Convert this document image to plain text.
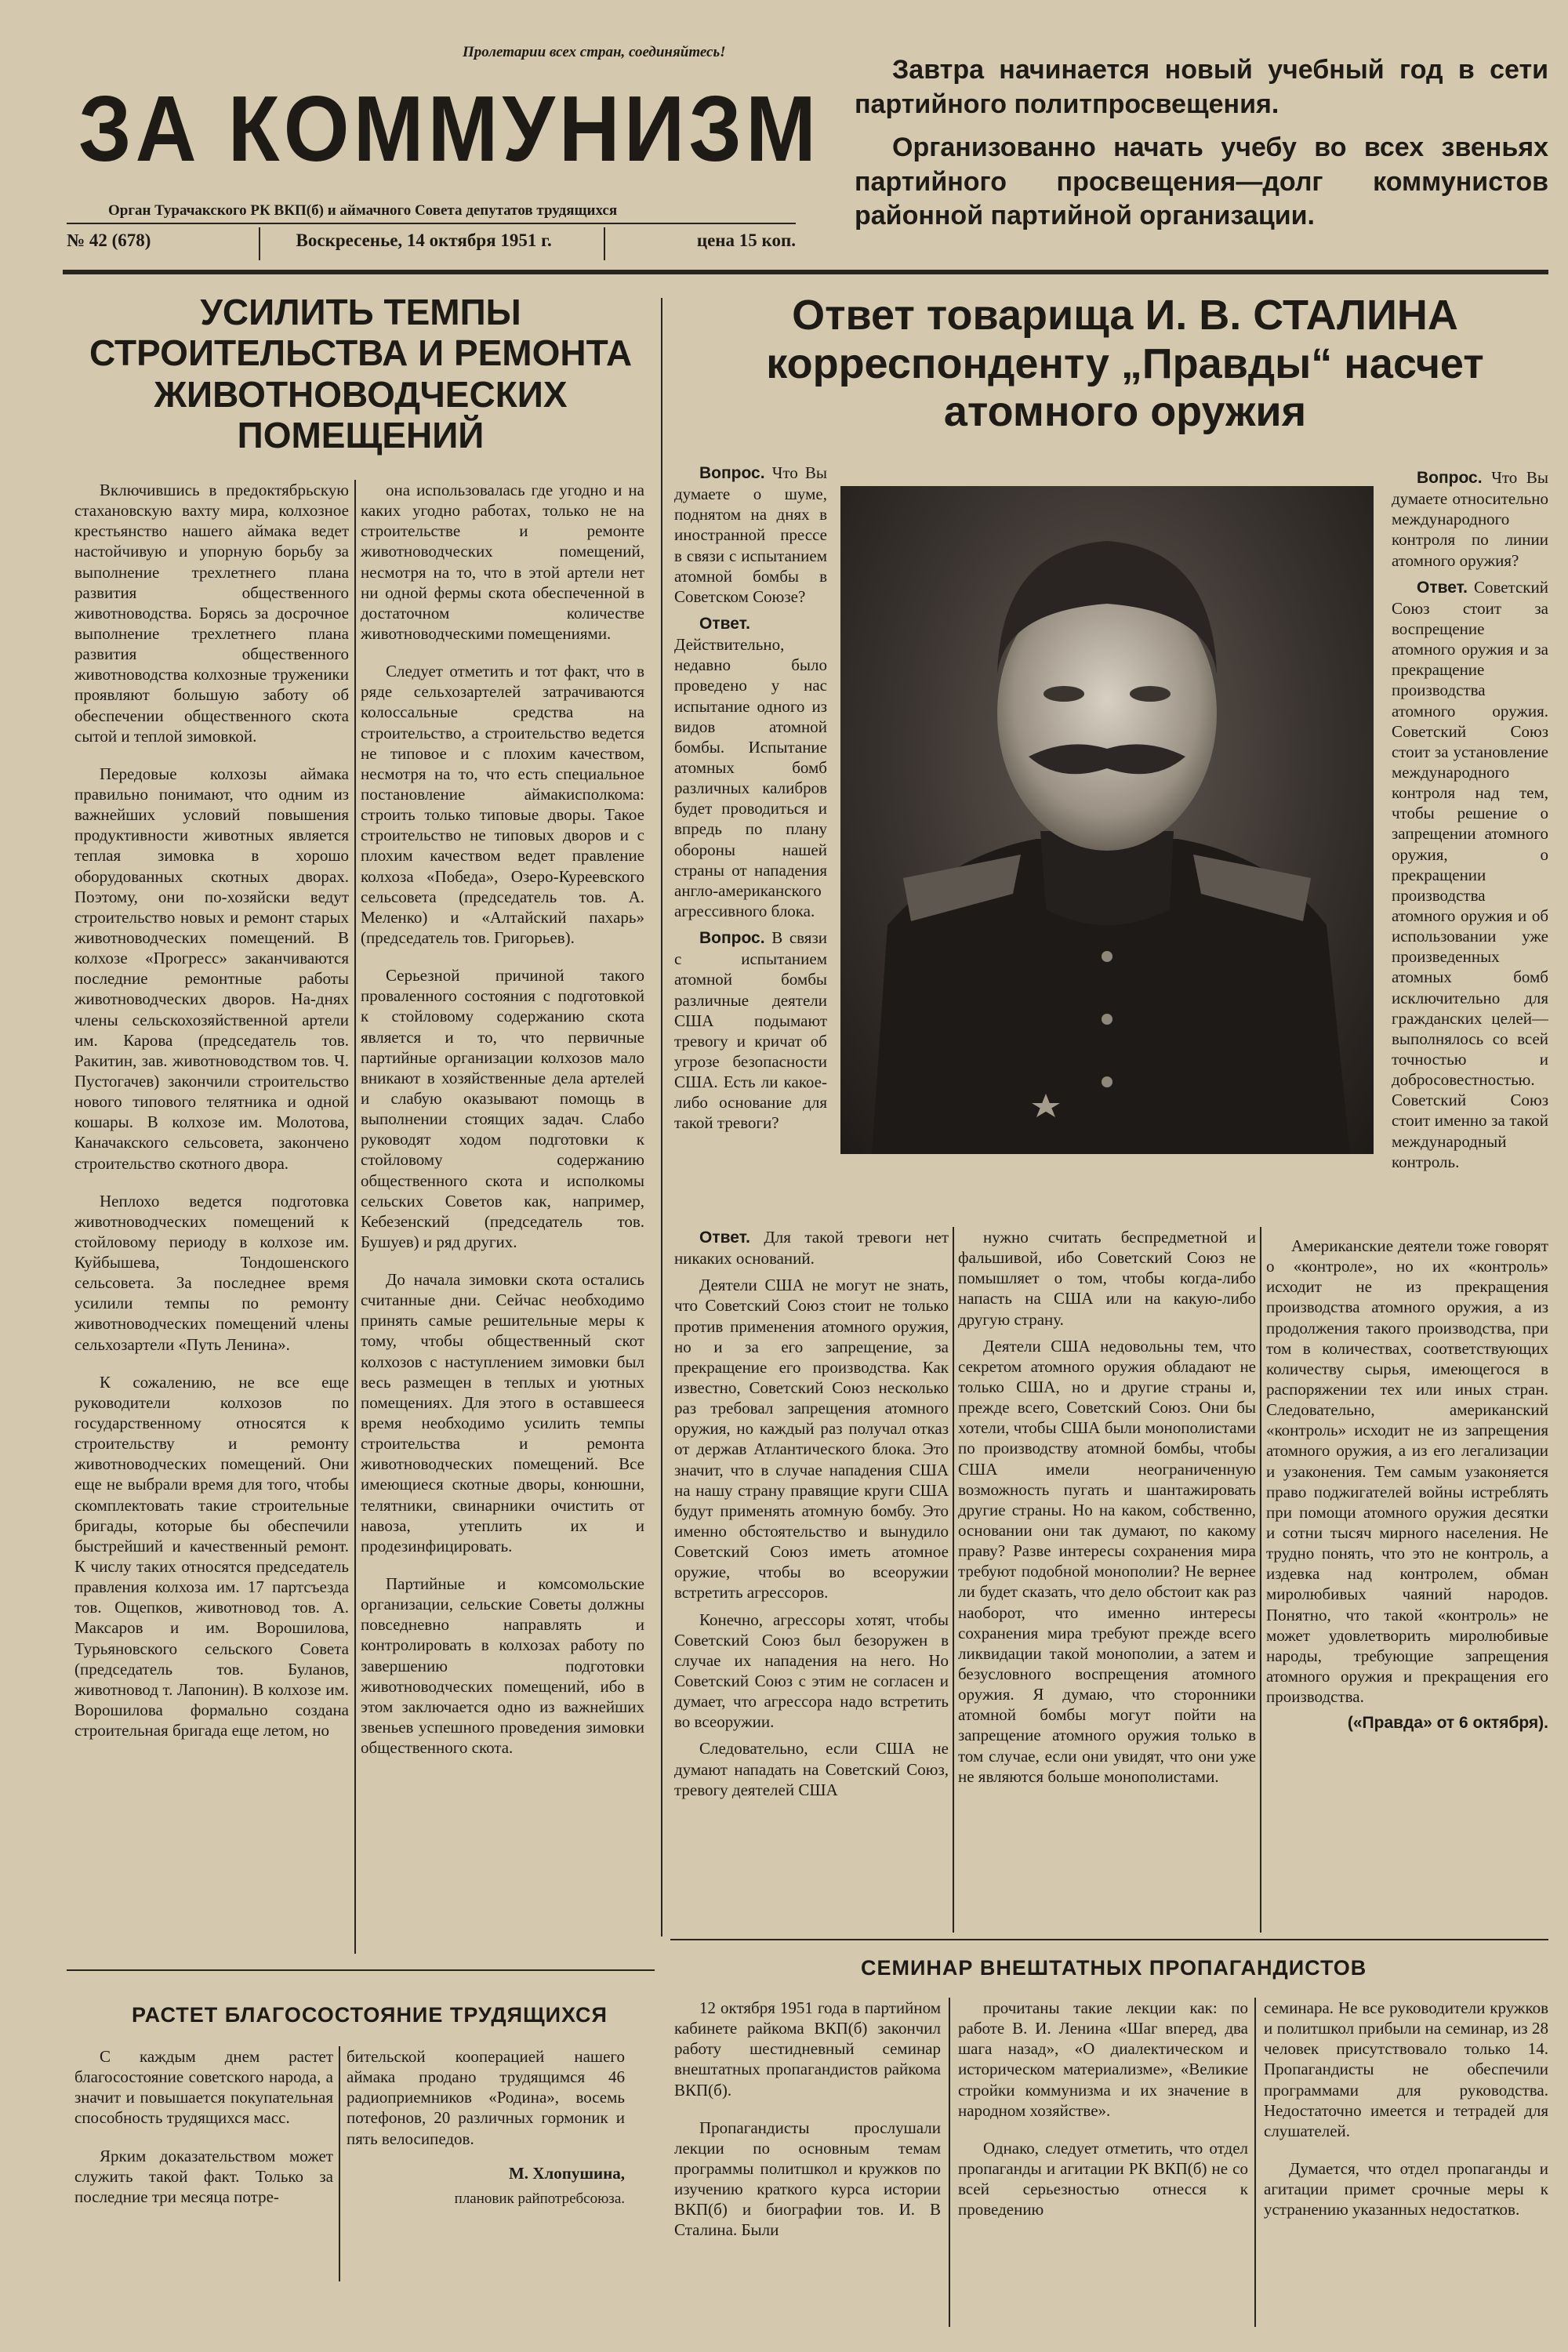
Пролетарии всех стран, соединяйтесь!
ЗА КОММУНИЗМ
Орган Турачакского РК ВКП(б) и аймачного Совета депутатов трудящихся
№ 42 (678)	Воскресенье, 14 октября 1951 г.	цена 15 коп.

Завтра начинается новый учебный год в сети партийного политпросвещения.

Организованно начать учебу во всех звеньях партийного просвещения—долг коммунистов районной партийной организации.

УСИЛИТЬ ТЕМПЫ СТРОИТЕЛЬСТВА И РЕМОНТА ЖИВОТНОВОДЧЕСКИХ ПОМЕЩЕНИЙ

Включившись в предоктябрьскую стахановскую вахту мира, колхозное крестьянство нашего аймака ведет настойчивую и упорную борьбу за выполнение трехлетнего плана развития общественного животноводства. Борясь за досрочное выполнение трехлетнего плана развития общественного животноводства колхозные труженики проявляют большую заботу об обеспечении общественного скота сытой и теплой зимовкой.

Передовые колхозы аймака правильно понимают, что одним из важнейших условий повышения продуктивности животных является теплая зимовка в хорошо оборудованных скотных дворах. Поэтому, они по-хозяйски ведут строительство новых и ремонт старых животноводческих помещений. В колхозе «Прогресс» заканчиваются последние ремонтные работы животноводческих дворов. На-днях члены сельскохозяйственной артели им. Карова (председатель тов. Ракитин, зав. животноводством тов. Ч. Пустогачев) закончили строительство нового типового телятника и одной кошары. В колхозе им. Молотова, Каначакского сельсовета, закончено строительство скотного двора.

Неплохо ведется подготовка животноводческих помещений к стойловому периоду в колхозе им. Куйбышева, Тондошенского сельсовета. За последнее время усилили темпы по ремонту животноводческих помещений члены сельхозартели «Путь Ленина».

К сожалению, не все еще руководители колхозов по государственному относятся к строительству и ремонту животноводческих помещений. Они еще не выбрали время для того, чтобы скомплектовать такие строительные бригады, которые бы обеспечили быстрейший и качественный ремонт. К числу таких относятся председатель правления колхоза им. 17 партсъезда тов. Ощепков, животновод тов. А. Максаров и им. Ворошилова, Турьяновского сельского Совета (председатель тов. Буланов, животновод т. Лапонин). В колхозе им. Ворошилова формально создана строительная бригада еще летом, но

она использовалась где угодно и на каких угодно работах, только не на строительстве и ремонте животноводческих помещений, несмотря на то, что в этой артели нет ни одной фермы скота обеспеченной в достаточном количестве животноводческими помещениями.

Следует отметить и тот факт, что в ряде сельхозартелей затрачиваются колоссальные средства на строительство, а строительство ведется не типовое и с плохим качеством, несмотря на то, что есть специальное постановление аймакисполкома: строить только типовые дворы. Такое строительство не типовых дворов и с плохим качеством ведет правление колхоза «Победа», Озеро-Куреевского сельсовета (председатель тов. А. Меленко) и «Алтайский пахарь» (председатель тов. Григорьев).

Серьезной причиной такого проваленного состояния с подготовкой к стойловому содержанию скота является и то, что первичные партийные организации колхозов мало вникают в хозяйственные дела артелей и слабую оказывают помощь в выполнении стоящих задач. Слабо руководят ходом подготовки к стойловому содержанию общественного скота и исполкомы сельских Советов как, например, Кебезенский (председатель тов. Бушуев) и ряд других.

До начала зимовки скота остались считанные дни. Сейчас необходимо принять самые решительные меры к тому, чтобы общественный скот колхозов с наступлением зимовки был весь размещен в теплых и уютных помещениях. Для этого в оставшееся время необходимо усилить темпы строительства и ремонта животноводческих помещений. Все имеющиеся скотные дворы, конюшни, телятники, свинарники очистить от навоза, утеплить их и продезинфицировать.

Партийные и комсомольские организации, сельские Советы должны повседневно направлять и контролировать в колхозах работу по завершению подготовки животноводческих помещений, ибо в этом заключается одно из важнейших звеньев успешного проведения зимовки общественного скота.

Ответ товарища И. В. СТАЛИНА корреспонденту „Правды“ насчет атомного оружия

Вопрос. Что Вы думаете о шуме, поднятом на днях в иностранной прессе в связи с испытанием атомной бомбы в Советском Союзе?

Ответ. Действительно, недавно было проведено у нас испытание одного из видов атомной бомбы. Испытание атомных бомб различных калибров будет проводиться и впредь по плану обороны нашей страны от нападения англо-американского агрессивного блока.

Вопрос. В связи с испытанием атомной бомбы различные деятели США подымают тревогу и кричат об угрозе безопасности США. Есть ли какое-либо основание для такой тревоги?

Вопрос. Что Вы думаете относительно международного контроля по линии атомного оружия?

Ответ. Советский Союз стоит за воспрещение атомного оружия и за прекращение производства атомного оружия. Советский Союз стоит за установление международного контроля над тем, чтобы решение о запрещении атомного оружия, о прекращении производства атомного оружия и об использовании уже произведенных атомных бомб исключительно для гражданских целей—выполнялось со всей точностью и добросовестностью. Советский Союз стоит именно за такой международный контроль.

Ответ. Для такой тревоги нет никаких оснований.

Деятели США не могут не знать, что Советский Союз стоит не только против применения атомного оружия, но и за его запрещение, за прекращение его производства. Как известно, Советский Союз несколько раз требовал запрещения атомного оружия, но каждый раз получал отказ от держав Атлантического блока. Это значит, что в случае нападения США на нашу страну правящие круги США будут применять атомную бомбу. Это именно обстоятельство и вынудило Советский Союз иметь атомное оружие, чтобы во всеоружии встретить агрессоров.

Конечно, агрессоры хотят, чтобы Советский Союз был безоружен в случае их нападения на него. Но Советский Союз с этим не согласен и думает, что агрессора надо встретить во всеоружии.

Следовательно, если США не думают нападать на Советский Союз, тревогу деятелей США

нужно считать беспредметной и фальшивой, ибо Советский Союз не помышляет о том, чтобы когда-либо напасть на США или на какую-либо другую страну.

Деятели США недовольны тем, что секретом атомного оружия обладают не только США, но и другие страны и, прежде всего, Советский Союз. Они бы хотели, чтобы США были монополистами по производству атомной бомбы, чтобы США имели неограниченную возможность пугать и шантажировать другие страны. Но на каком, собственно, основании они так думают, по какому праву? Разве интересы сохранения мира требуют подобной монополии? Не вернее ли будет сказать, что дело обстоит как раз наоборот, что именно интересы сохранения мира требуют прежде всего ликвидации такой монополии, а затем и безусловного воспрещения атомного оружия. Я думаю, что сторонники атомной бомбы могут пойти на запрещение атомного оружия только в том случае, если они увидят, что они уже не являются больше монополистами.

Американские деятели тоже говорят о «контроле», но их «контроль» исходит не из прекращения производства атомного оружия, а из продолжения такого производства, при том в количествах, соответствующих количеству сырья, имеющегося в распоряжении тех или иных стран. Следовательно, американский «контроль» исходит не из запрещения атомного оружия, а из его легализации и узаконения. Тем самым узаконяется право поджигателей войны истреблять при помощи атомного оружия десятки и сотни тысяч мирного населения. Не трудно понять, что это не контроль, а издевка над контролем, обман миролюбивых чаяний народов. Понятно, что такой «контроль» не может удовлетворить миролюбивые народы, требующие запрещения атомного оружия и прекращения его производства.

(«Правда» от 6 октября).

РАСТЕТ БЛАГОСОСТОЯНИЕ ТРУДЯЩИХСЯ

С каждым днем растет благосостояние советского народа, а значит и повышается покупательная способность трудящихся масс.

Ярким доказательством может служить такой факт. Только за последние три месяца потре-

бительской кооперацией нашего аймака продано трудящимся 46 радиоприемников «Родина», восемь потефонов, 20 различных гормоник и пять велосипедов.

М. Хлопушина,

плановик райпотребсоюза.

СЕМИНАР ВНЕШТАТНЫХ ПРОПАГАНДИСТОВ

12 октября 1951 года в партийном кабинете райкома ВКП(б) закончил работу шестидневный семинар внештатных пропагандистов райкома ВКП(б).

Пропагандисты прослушали лекции по основным темам программы политшкол и кружков по изучению краткого курса истории ВКП(б) и биографии тов. И. В Сталина. Были

прочитаны такие лекции как: по работе В. И. Ленина «Шаг вперед, два шага назад», «О диалектическом и историческом материализме», «Великие стройки коммунизма и их значение в народном хозяйстве».

Однако, следует отметить, что отдел пропаганды и агитации РК ВКП(б) не со всей серьезностью отнесся к проведению

семинара. Не все руководители кружков и политшкол прибыли на семинар, из 28 человек присутствовало только 14. Пропагандисты не обеспечили программами для руководства. Недостаточно имеется и тетрадей для слушателей.

Думается, что отдел пропаганды и агитации примет срочные меры к устранению указанных недостатков.
